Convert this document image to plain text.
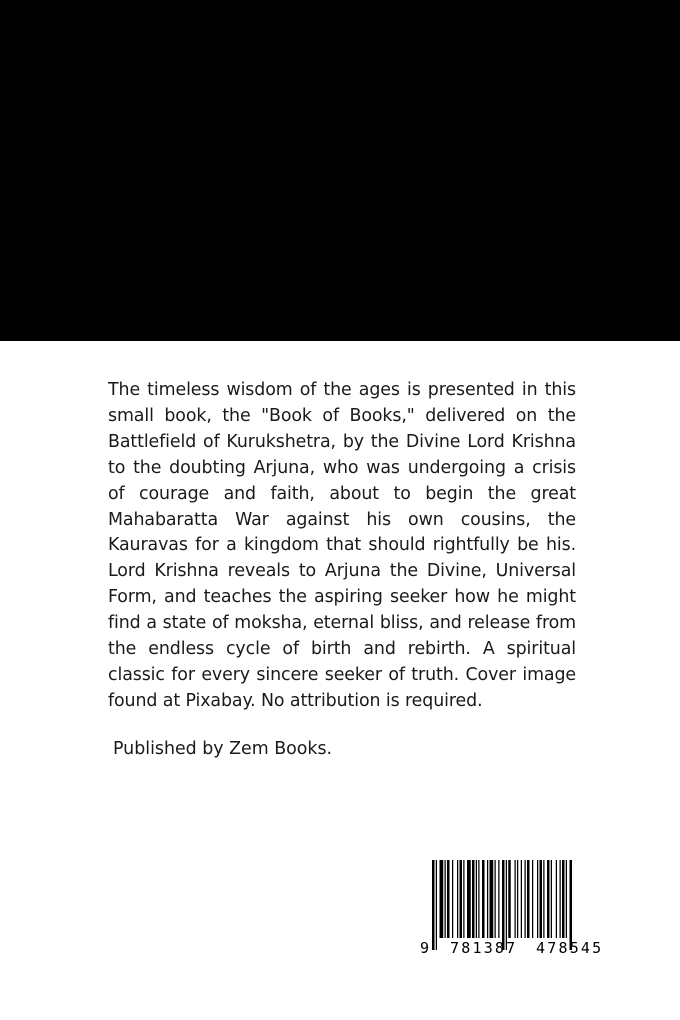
The timeless wisdom of the ages is presented in this small book, the "Book of Books," delivered on the Battlefield of Kurukshetra, by the Divine Lord Krishna to the doubting Arjuna, who was undergoing a crisis of courage and faith, about to begin the great Mahabaratta War against his own cousins, the Kauravas for a kingdom that should rightfully be his. Lord Krishna reveals to Arjuna the Divine, Universal Form, and teaches the aspiring seeker how he might find a state of moksha, eternal bliss, and release from the endless cycle of birth and rebirth. A spiritual classic for every sincere seeker of truth. Cover image found at Pixabay. No attribution is required.

Published by Zem Books.

9 781387 478545
